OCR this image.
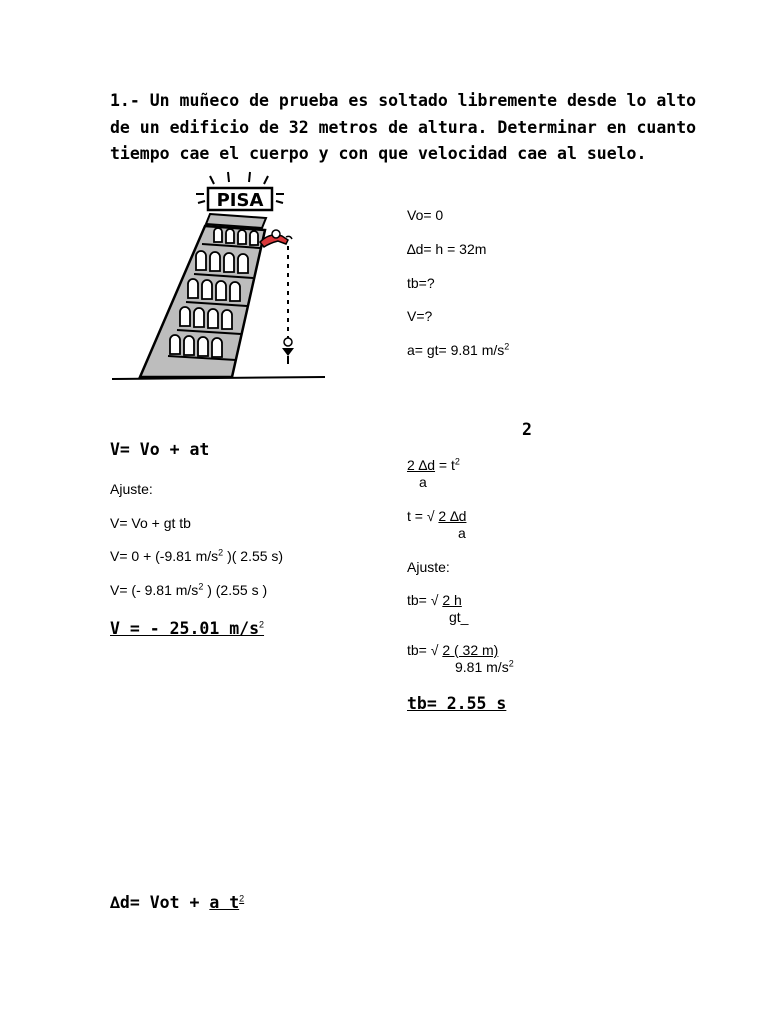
1.- Un muñeco de prueba es soltado libremente desde lo alto
de un edificio de 32 metros de altura. Determinar en cuanto
tiempo cae el cuerpo y con que velocidad cae al suelo.
PISA
Vo= 0
∆d= h = 32m
tb=?
V=?
a= gt= 9.81 $m/s^2$
V= Vo + at
Ajuste:
V= Vo + gt tb
V= 0 + (-9.81 $m/s^2$ )( 2.55 s)
V= (- 9.81 $m/s^2$ ) (2.55 s )
V = - 25.01 $m/s^2$
2
2 $\Delta d = t^2$
a
t = √ 2 ∆d
a
Ajuste:
tb= √ 2 h
gt_
tb= √ 2 ( 32 m)
9.81 $m/s^2$
tb= 2.55 s
∆d= Vot + a $t^2$
